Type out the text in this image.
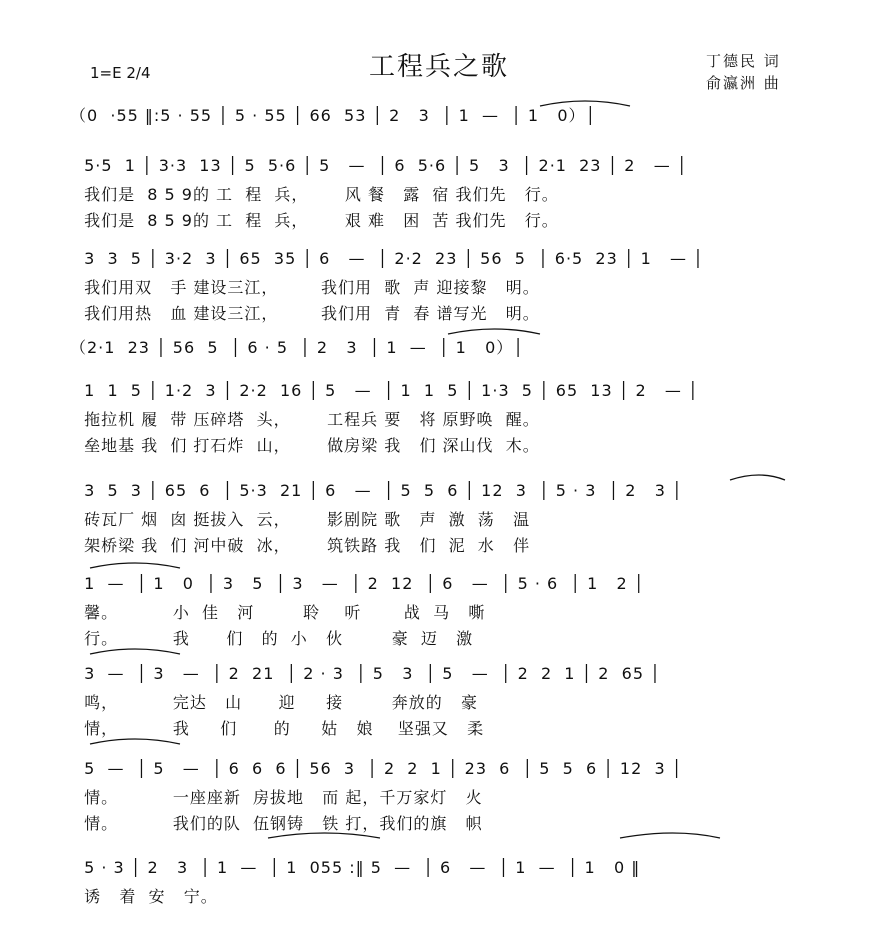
工程兵之歌
1=E 2/4
丁德民 词
俞瀛洲 曲
（0  ·55 ‖:5 · 55 │ 5 · 55 │ 66  53 │ 2   3  │ 1  —  │ 1   0）│
5·5  1 │ 3·3  13 │ 5  5·6 │ 5   —  │ 6  5·6 │ 5   3  │ 2·1  23 │ 2   — │
我们是  8 5 9的 工  程  兵，      风 餐   露  宿 我们先   行。
我们是  8 5 9的 工  程  兵，      艰 难   困  苦 我们先   行。
3  3  5 │ 3·2  3 │ 65  35 │ 6   —  │ 2·2  23 │ 56  5  │ 6·5  23 │ 1   — │
我们用双   手 建设三江，       我们用  歌  声 迎接黎   明。
我们用热   血 建设三江，       我们用  青  春 谱写光   明。
（2·1  23 │ 56  5  │ 6 · 5  │ 2   3  │ 1  —  │ 1   0）│
1  1  5 │ 1·2  3 │ 2·2  16 │ 5   —  │ 1  1  5 │ 1·3  5 │ 65  13 │ 2   — │
拖拉机 履  带 压碎塔  头，      工程兵 要   将 原野唤  醒。
垒地基 我  们 打石炸  山，      做房梁 我   们 深山伐  木。
3  5  3 │ 65  6  │ 5·3  21 │ 6   —  │ 5  5  6 │ 12  3  │ 5 · 3  │ 2   3 │
砖瓦厂 烟  囱 挺拔入  云，      影剧院 歌   声  激  荡   温
架桥梁 我  们 河中破  冰，      筑铁路 我   们  泥  水   伴
1  —  │ 1   0  │ 3   5  │ 3   —  │ 2  12  │ 6   —  │ 5 · 6  │ 1   2 │
馨。         小  佳   河        聆    听       战  马   嘶
行。         我      们   的  小   伙        豪  迈   激
3  —  │ 3   —  │ 2  21  │ 2 · 3  │ 5   3  │ 5   —  │ 2  2  1 │ 2  65 │
鸣，         完达   山      迎     接        奔放的   豪
情，         我     们      的     姑   娘    坚强又   柔
5  —  │ 5   —  │ 6  6  6 │ 56  3  │ 2  2  1 │ 23  6  │ 5  5  6 │ 12  3 │
情。         一座座新  房拔地   而 起，千万家灯   火
情。         我们的队  伍钢铸   铁 打，我们的旗   帜
5 · 3 │ 2   3  │ 1  —  │ 1  055 :‖ 5  —  │ 6   —  │ 1  —  │ 1   0 ‖
诱   着  安   宁。
